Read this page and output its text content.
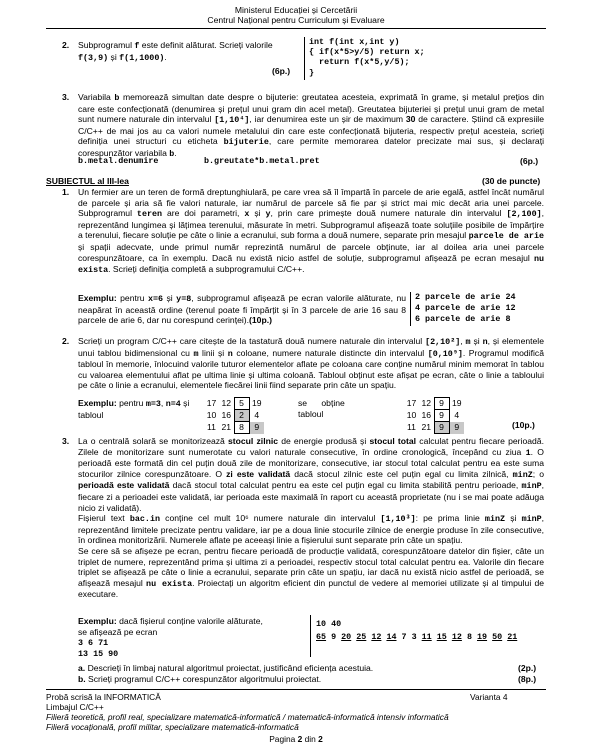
Ministerul Educației și Cercetării
Centrul Național pentru Curriculum și Evaluare
2. Subprogramul f este definit alăturat. Scrieți valorile
f(3,9) și f(1,1000).
(6p.)
int f(int x,int y)
{ if(x*5>y/5) return x;
return f(x*5,y/5);
}
3. Variabila b memorează simultan date despre o bijuterie: greutatea acesteia, exprimată în grame, și metalul prețios din care este confecționată (denumirea și prețul unui gram din acel metal). Greutatea bijuteriei și prețul unui gram de metal sunt numere naturale din intervalul [1,10⁴], iar denumirea este un șir de maximum 30 de caractere. Știind că expresiile C/C++ de mai jos au ca valori numele metalului din care este confecționată bijuteria, respectiv prețul acesteia, scrieți definiția unei structuri cu eticheta bijuterie, care permite memorarea datelor precizate mai sus, și declarați corespunzător variabila b.
b.metal.denumire	b.greutate*b.metal.pret	(6p.)
SUBIECTUL al III-lea	(30 de puncte)
1. Un fermier are un teren de formă dreptunghiulară, pe care vrea să îl împartă în parcele de arie egală, astfel încât numărul de parcele și aria să fie valori naturale, iar numărul de parcele să fie par și strict mai mic decât aria unei parcele. Subprogramul teren are doi parametri, x și y, prin care primește două numere naturale din intervalul [2,100], reprezentând lungimea și lățimea terenului, măsurate în metri. Subprogramul afișează toate soluțiile posibile de împărțire a terenului, fiecare soluție pe câte o linie a ecranului, sub forma a două numere, separate prin mesajul parcele de arie și spații adecvate, unde primul număr reprezintă numărul de parcele obținute, iar al doilea aria unei parcele corespunzătoare, ca în exemplu. Dacă nu există nicio astfel de soluție, subprogramul afișează pe ecran mesajul nu exista. Scrieți definiția completă a subprogramului C/C++.
Exemplu: pentru x=6 și y=8, subprogramul afișează pe ecran valorile alăturate, nu neapărat în această ordine (terenul poate fi împărțit și în 3 parcele de arie 16 sau 8 parcele de arie 6, dar nu corespund cerinței).(10p.)
2 parcele de arie 24
4 parcele de arie 12
6 parcele de arie 8
2. Scrieți un program C/C++ care citește de la tastatură două numere naturale din intervalul [2,10²], m și n, și elementele unui tablou bidimensional cu m linii și n coloane, numere naturale distincte din intervalul [0,10⁹]. Programul modifică tabloul în memorie, înlocuind valorile tuturor elementelor aflate pe coloana care conține numărul minim memorat în tablou cu valoarea elementului aflat pe ultima linie și ultima coloană. Tabloul obținut este afișat pe ecran, câte o linie a tabloului pe câte o linie a ecranului, elementele fiecărei linii fiind separate prin câte un spațiu.
Exemplu: pentru m=3, n=4 și
tabloul
17	12	5	19
10	16	2	4
11	21	8	9
se obține
tabloul
17	12	9	19
10	16	9	4
11	21	9	9	(10p.)
3. La o centrală solară se monitorizează stocul zilnic de energie produsă și stocul total calculat pentru fiecare perioadă. Zilele de monitorizare sunt numerotate cu valori naturale consecutive, în ordine cronologică, începând cu ziua 1. O perioadă este formată din cel puțin două zile de monitorizare, consecutive, iar stocul total calculat pentru ea este suma stocurilor zilnice corespunzătoare. O zi este validată dacă stocul zilnic este cel puțin egal cu limita zilnică, minZ; o perioadă este validată dacă stocul total calculat pentru ea este cel puțin egal cu limita stabilită pentru perioade, minP, fiecare zi a perioadei este validată, iar perioada este maximală în raport cu această proprietate (nu i se mai poate adăuga nicio zi validată).
Fișierul text bac.in conține cel mult 10⁶ numere naturale din intervalul [1,10³]: pe prima linie minZ și minP, reprezentând limitele precizate pentru validare, iar pe a doua linie stocurile zilnice de energie produse în zile consecutive, în ordinea monitorizării. Numerele aflate pe aceeași linie a fișierului sunt separate prin câte un spațiu.
Se cere să se afișeze pe ecran, pentru fiecare perioadă de producție validată, corespunzătoare datelor din fișier, câte un triplet de numere, reprezentând prima și ultima zi a perioadei, respectiv stocul total calculat pentru ea. Valorile din fiecare triplet se afișează pe câte o linie a ecranului, separate prin câte un spațiu, iar dacă nu există nicio astfel de perioadă, se afișează mesajul nu exista. Proiectați un algoritm eficient din punctul de vedere al memoriei utilizate și al timpului de executare.
Exemplu: dacă fișierul conține valorile alăturate,
se afișează pe ecran
3 6 71
13 15 90
10 40
65 9 20 25 12 14 7 3 11 15 12 8 19 50 21
a. Descrieți în limbaj natural algoritmul proiectat, justificând eficiența acestuia.	(2p.)
b. Scrieți programul C/C++ corespunzător algoritmului proiectat.	(8p.)
Probă scrisă la INFORMATICĂ	Varianta 4
Limbajul C/C++
Filieră teoretică, profil real, specializare matematică-informatică / matematică-informatică intensiv informatică
Filieră vocațională, profil militar, specializare matematică-informatică
Pagina 2 din 2
